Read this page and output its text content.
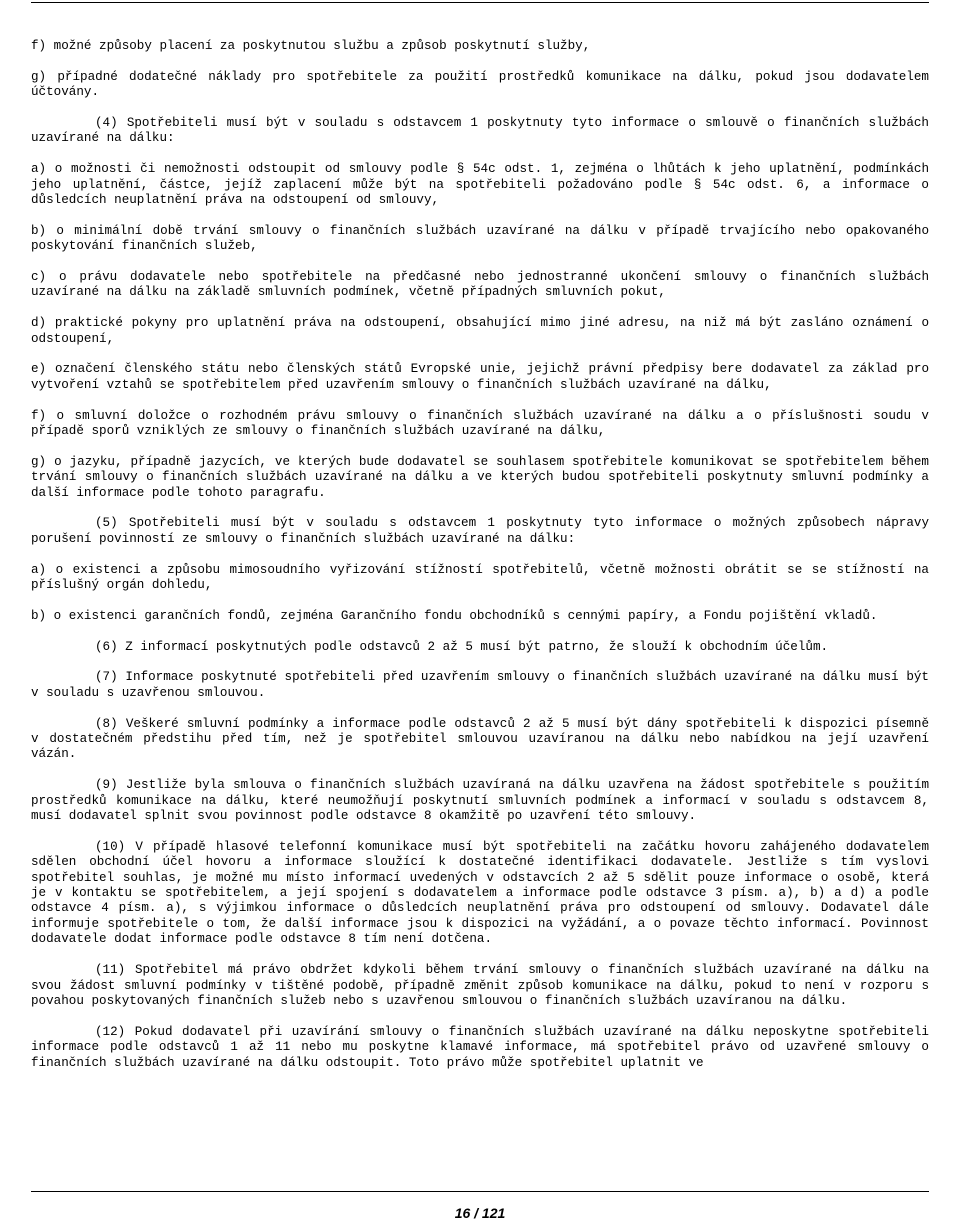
f) možné způsoby placení za poskytnutou službu a způsob poskytnutí služby,

g) případné dodatečné náklady pro spotřebitele za použití prostředků komunikace na dálku, pokud jsou dodavatelem účtovány.

(4) Spotřebiteli musí být v souladu s odstavcem 1 poskytnuty tyto informace o smlouvě o finančních službách uzavírané na dálku:

a) o možnosti či nemožnosti odstoupit od smlouvy podle § 54c odst. 1, zejména o lhůtách k jeho uplatnění, podmínkách jeho uplatnění, částce, jejíž zaplacení může být na spotřebiteli požadováno podle § 54c odst. 6, a informace o důsledcích neuplatnění práva na odstoupení od smlouvy,

b) o minimální době trvání smlouvy o finančních službách uzavírané na dálku v případě trvajícího nebo opakovaného poskytování finančních služeb,

c) o právu dodavatele nebo spotřebitele na předčasné nebo jednostranné ukončení smlouvy o finančních službách uzavírané na dálku na základě smluvních podmínek, včetně případných smluvních pokut,

d) praktické pokyny pro uplatnění práva na odstoupení, obsahující mimo jiné adresu, na niž má být zasláno oznámení o odstoupení,

e) označení členského státu nebo členských států Evropské unie, jejichž právní předpisy bere dodavatel za základ pro vytvoření vztahů se spotřebitelem před uzavřením smlouvy o finančních službách uzavírané na dálku,

f) o smluvní doložce o rozhodném právu smlouvy o finančních službách uzavírané na dálku a o příslušnosti soudu v případě sporů vzniklých ze smlouvy o finančních službách uzavírané na dálku,

g) o jazyku, případně jazycích, ve kterých bude dodavatel se souhlasem spotřebitele komunikovat se spotřebitelem během trvání smlouvy o finančních službách uzavírané na dálku a ve kterých budou spotřebiteli poskytnuty smluvní podmínky a další informace podle tohoto paragrafu.

(5) Spotřebiteli musí být v souladu s odstavcem 1 poskytnuty tyto informace o možných způsobech nápravy porušení povinností ze smlouvy o finančních službách uzavírané na dálku:

a) o existenci a způsobu mimosoudního vyřizování stížností spotřebitelů, včetně možnosti obrátit se se stížností na příslušný orgán dohledu,

b) o existenci garančních fondů, zejména Garančního fondu obchodníků s cennými papíry, a Fondu pojištění vkladů.

(6) Z informací poskytnutých podle odstavců 2 až 5 musí být patrno, že slouží k obchodním účelům.

(7) Informace poskytnuté spotřebiteli před uzavřením smlouvy o finančních službách uzavírané na dálku musí být v souladu s uzavřenou smlouvou.

(8) Veškeré smluvní podmínky a informace podle odstavců 2 až 5 musí být dány spotřebiteli k dispozici písemně v dostatečném předstihu před tím, než je spotřebitel smlouvou uzavíranou na dálku nebo nabídkou na její uzavření vázán.

(9) Jestliže byla smlouva o finančních službách uzavíraná na dálku uzavřena na žádost spotřebitele s použitím prostředků komunikace na dálku, které neumožňují poskytnutí smluvních podmínek a informací v souladu s odstavcem 8, musí dodavatel splnit svou povinnost podle odstavce 8 okamžitě po uzavření této smlouvy.

(10) V případě hlasové telefonní komunikace musí být spotřebiteli na začátku hovoru zahájeného dodavatelem sdělen obchodní účel hovoru a informace sloužící k dostatečné identifikaci dodavatele. Jestliže s tím vyslovi spotřebitel souhlas, je možné mu místo informací uvedených v odstavcích 2 až 5 sdělit pouze informace o osobě, která je v kontaktu se spotřebitelem, a její spojení s dodavatelem a informace podle odstavce 3 písm. a), b) a d) a podle odstavce 4 písm. a), s výjimkou informace o důsledcích neuplatnění práva pro odstoupení od smlouvy. Dodavatel dále informuje spotřebitele o tom, že další informace jsou k dispozici na vyžádání, a o povaze těchto informací. Povinnost dodavatele dodat informace podle odstavce 8 tím není dotčena.

(11) Spotřebitel má právo obdržet kdykoli během trvání smlouvy o finančních službách uzavírané na dálku na svou žádost smluvní podmínky v tištěné podobě, případně změnit způsob komunikace na dálku, pokud to není v rozporu s povahou poskytovaných finančních služeb nebo s uzavřenou smlouvou o finančních službách uzavíranou na dálku.

(12) Pokud dodavatel při uzavírání smlouvy o finančních službách uzavírané na dálku neposkytne spotřebiteli informace podle odstavců 1 až 11 nebo mu poskytne klamavé informace, má spotřebitel právo od uzavřené smlouvy o finančních službách uzavírané na dálku odstoupit. Toto právo může spotřebitel uplatnit ve

16 / 121
